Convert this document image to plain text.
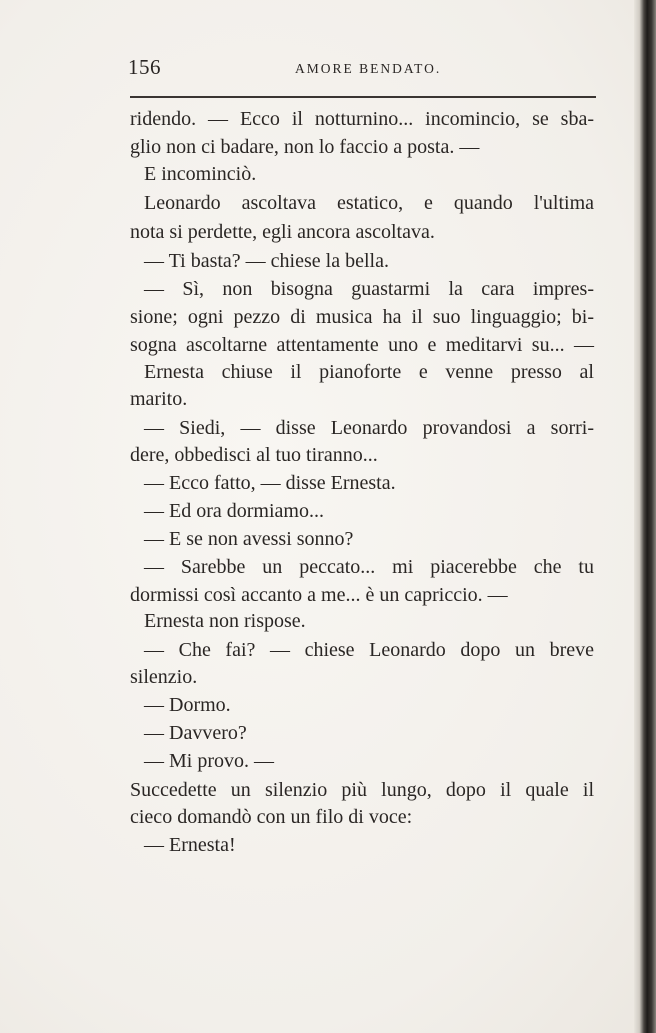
156	AMORE BENDATO.
ridendo. — Ecco il notturnino... incomincio, se sba-
glio non ci badare, non lo faccio a posta. —
E incominciò.
Leonardo ascoltava estatico, e quando l'ultima
nota si perdette, egli ancora ascoltava.
— Ti basta? — chiese la bella.
— Sì, non bisogna guastarmi la cara impres-
sione; ogni pezzo di musica ha il suo linguaggio; bi-
sogna ascoltarne attentamente uno e meditarvi su... —
Ernesta chiuse il pianoforte e venne presso al
marito.
— Siedi, — disse Leonardo provandosi a sorri-
dere, obbedisci al tuo tiranno...
— Ecco fatto, — disse Ernesta.
— Ed ora dormiamo...
— E se non avessi sonno?
— Sarebbe un peccato... mi piacerebbe che tu
dormissi così accanto a me... è un capriccio. —
Ernesta non rispose.
— Che fai? — chiese Leonardo dopo un breve
silenzio.
— Dormo.
— Davvero?
— Mi provo. —
Succedette un silenzio più lungo, dopo il quale il
cieco domandò con un filo di voce:
— Ernesta!
